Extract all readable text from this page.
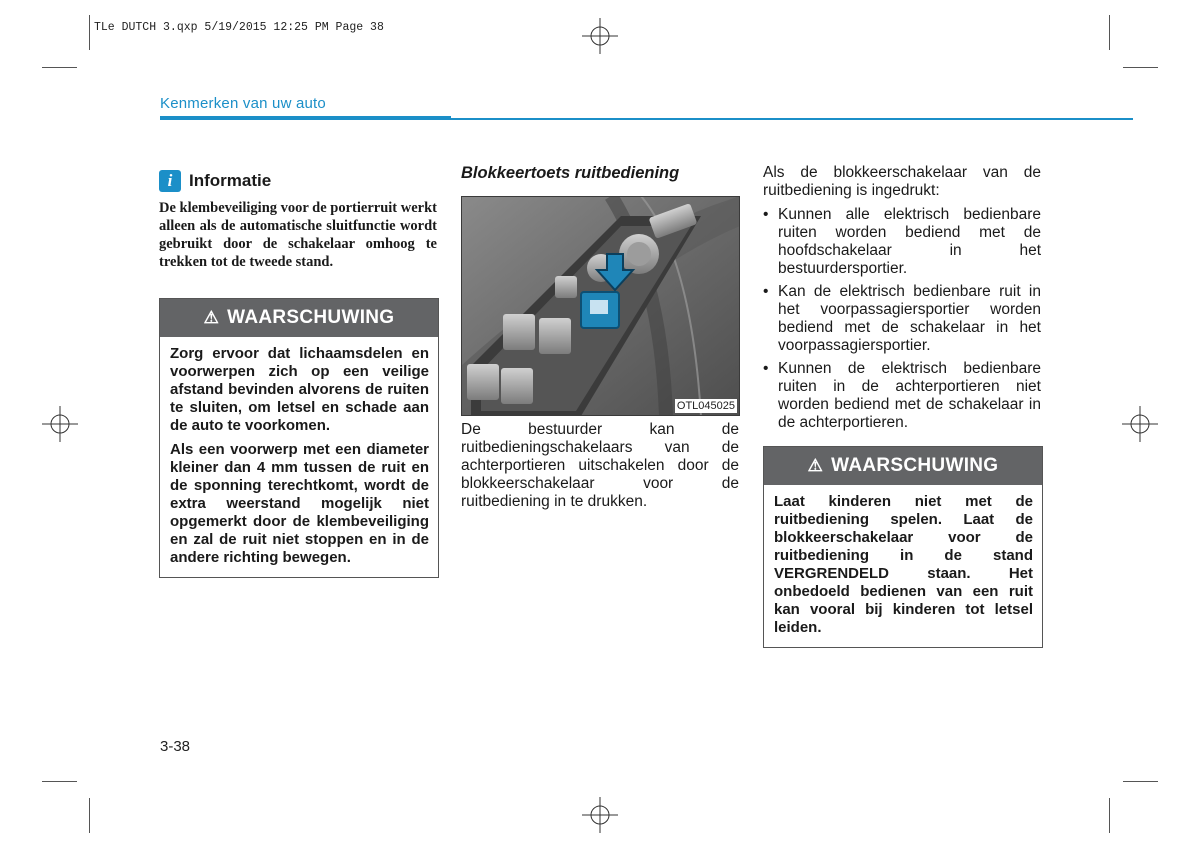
TLe DUTCH 3.qxp 5/19/2015 12:25 PM Page 38
Kenmerken van uw auto
i Informatie
De klembeveiliging voor de portierruit werkt alleen als de automatische sluitfunctie wordt gebruikt door de schakelaar omhoog te trekken tot de tweede stand.
⚠ WAARSCHUWING

Zorg ervoor dat lichaamsdelen en voorwerpen zich op een veilige afstand bevinden alvorens de ruiten te sluiten, om letsel en schade aan de auto te voorkomen.

Als een voorwerp met een diameter kleiner dan 4 mm tussen de ruit en de sponning terechtkomt, wordt de extra weerstand mogelijk niet opgemerkt door de klembeveiliging en zal de ruit niet stoppen en in de andere richting bewegen.

Blokkeertoets ruitbediening
OTL045025
De bestuurder kan de ruitbedieningschakelaars van de achterportieren uitschakelen door de blokkeerschakelaar voor de ruitbediening in te drukken.
Als de blokkeerschakelaar van de ruitbediening is ingedrukt:
• Kunnen alle elektrisch bedienbare ruiten worden bediend met de hoofdschakelaar in het bestuurdersportier.
• Kan de elektrisch bedienbare ruit in het voorpassagiersportier worden bediend met de schakelaar in het voorpassagiersportier.
• Kunnen de elektrisch bedienbare ruiten in de achterportieren niet worden bediend met de schakelaar in de achterportieren.
⚠ WAARSCHUWING

Laat kinderen niet met de ruitbediening spelen. Laat de blokkeerschakelaar voor de ruitbediening in de stand VERGRENDELD staan. Het onbedoeld bedienen van een ruit kan vooral bij kinderen tot letsel leiden.

3-38
